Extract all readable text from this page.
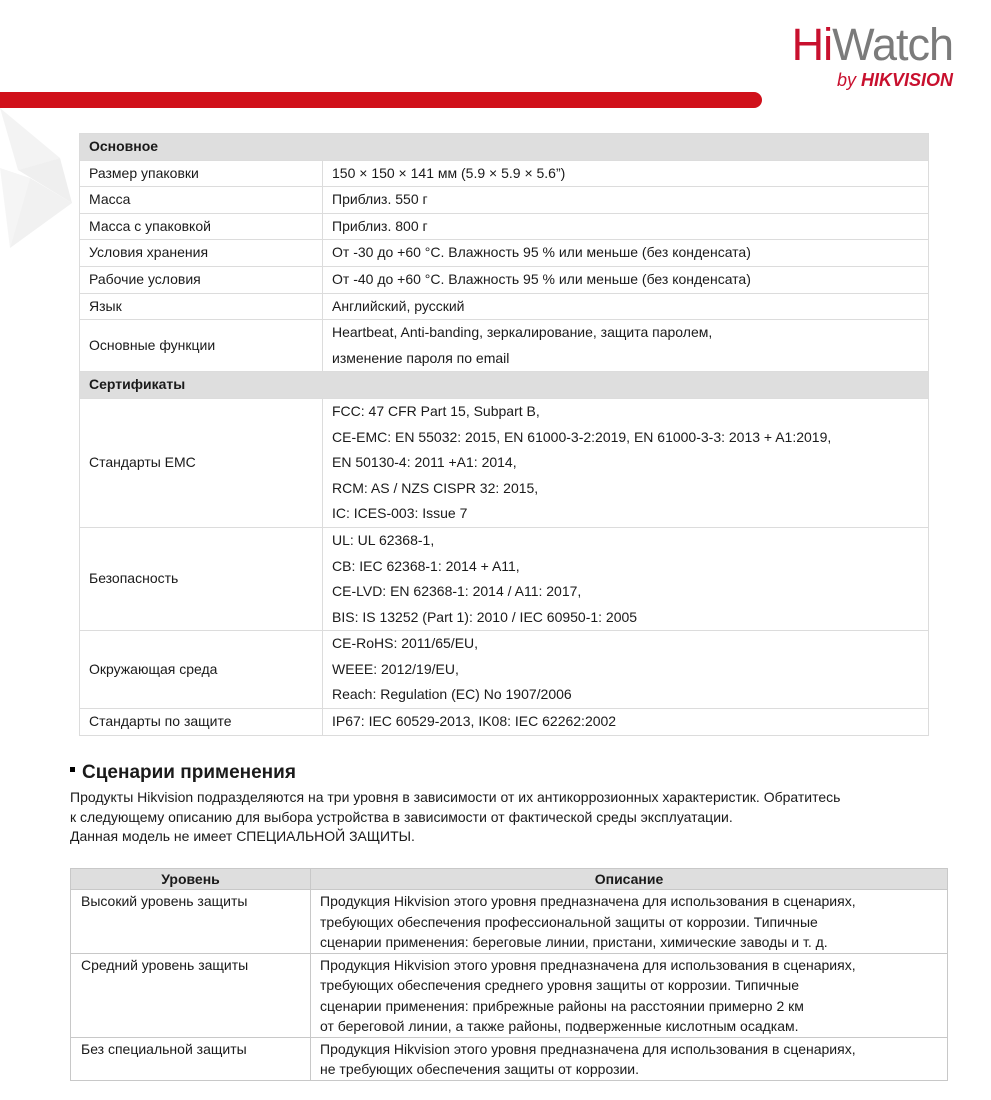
HiWatch
by HIKVISION
Основное	
Размер упаковки	150 × 150 × 141 мм (5.9 × 5.9 × 5.6”)

Масса	Приблиз. 550 г

Масса с упаковкой	Приблиз. 800 г

Условия хранения	От -30 до +60 °C. Влажность 95 % или меньше (без конденсата)

Рабочие условия	От -40 до +60 °C. Влажность 95 % или меньше (без конденсата)

Язык	Английский, русский

Основные функции	Heartbeat, Anti-banding, зеркалирование, защита паролем,
изменение пароля по email

Сертификаты	
Стандарты EMC	FCC: 47 CFR Part 15, Subpart B,
CE-EMC: EN 55032: 2015, EN 61000-3-2:2019, EN 61000-3-3: 2013 + A1:2019,
EN 50130-4: 2011 +A1: 2014,
RCM: AS / NZS CISPR 32: 2015,
IC: ICES-003: Issue 7

Безопасность	UL: UL 62368-1,
CB: IEC 62368-1: 2014 + A11,
CE-LVD: EN 62368-1: 2014 / A11: 2017,
BIS: IS 13252 (Part 1): 2010 / IEC 60950-1: 2005

Окружающая среда	CE-RoHS: 2011/65/EU,
WEEE: 2012/19/EU,
Reach: Regulation (EC) No 1907/2006

Стандарты по защите	IP67: IEC 60529-2013, IK08: IEC 62262:2002
Сценарии применения
Продукты Hikvision подразделяются на три уровня в зависимости от их антикоррозионных характеристик. Обратитесь
к следующему описанию для выбора устройства в зависимости от фактической среды эксплуатации.
Данная модель не имеет СПЕЦИАЛЬНОЙ ЗАЩИТЫ.
Уровень	Описание
Высокий уровень защиты	Продукция Hikvision этого уровня предназначена для использования в сценариях,
требующих обеспечения профессиональной защиты от коррозии. Типичные
сценарии применения: береговые линии, пристани, химические заводы и т. д.

Средний уровень защиты	Продукция Hikvision этого уровня предназначена для использования в сценариях,
требующих обеспечения среднего уровня защиты от коррозии. Типичные
сценарии применения: прибрежные районы на расстоянии примерно 2 км
от береговой линии, а также районы, подверженные кислотным осадкам.

Без специальной защиты	Продукция Hikvision этого уровня предназначена для использования в сценариях,
не требующих обеспечения защиты от коррозии.
